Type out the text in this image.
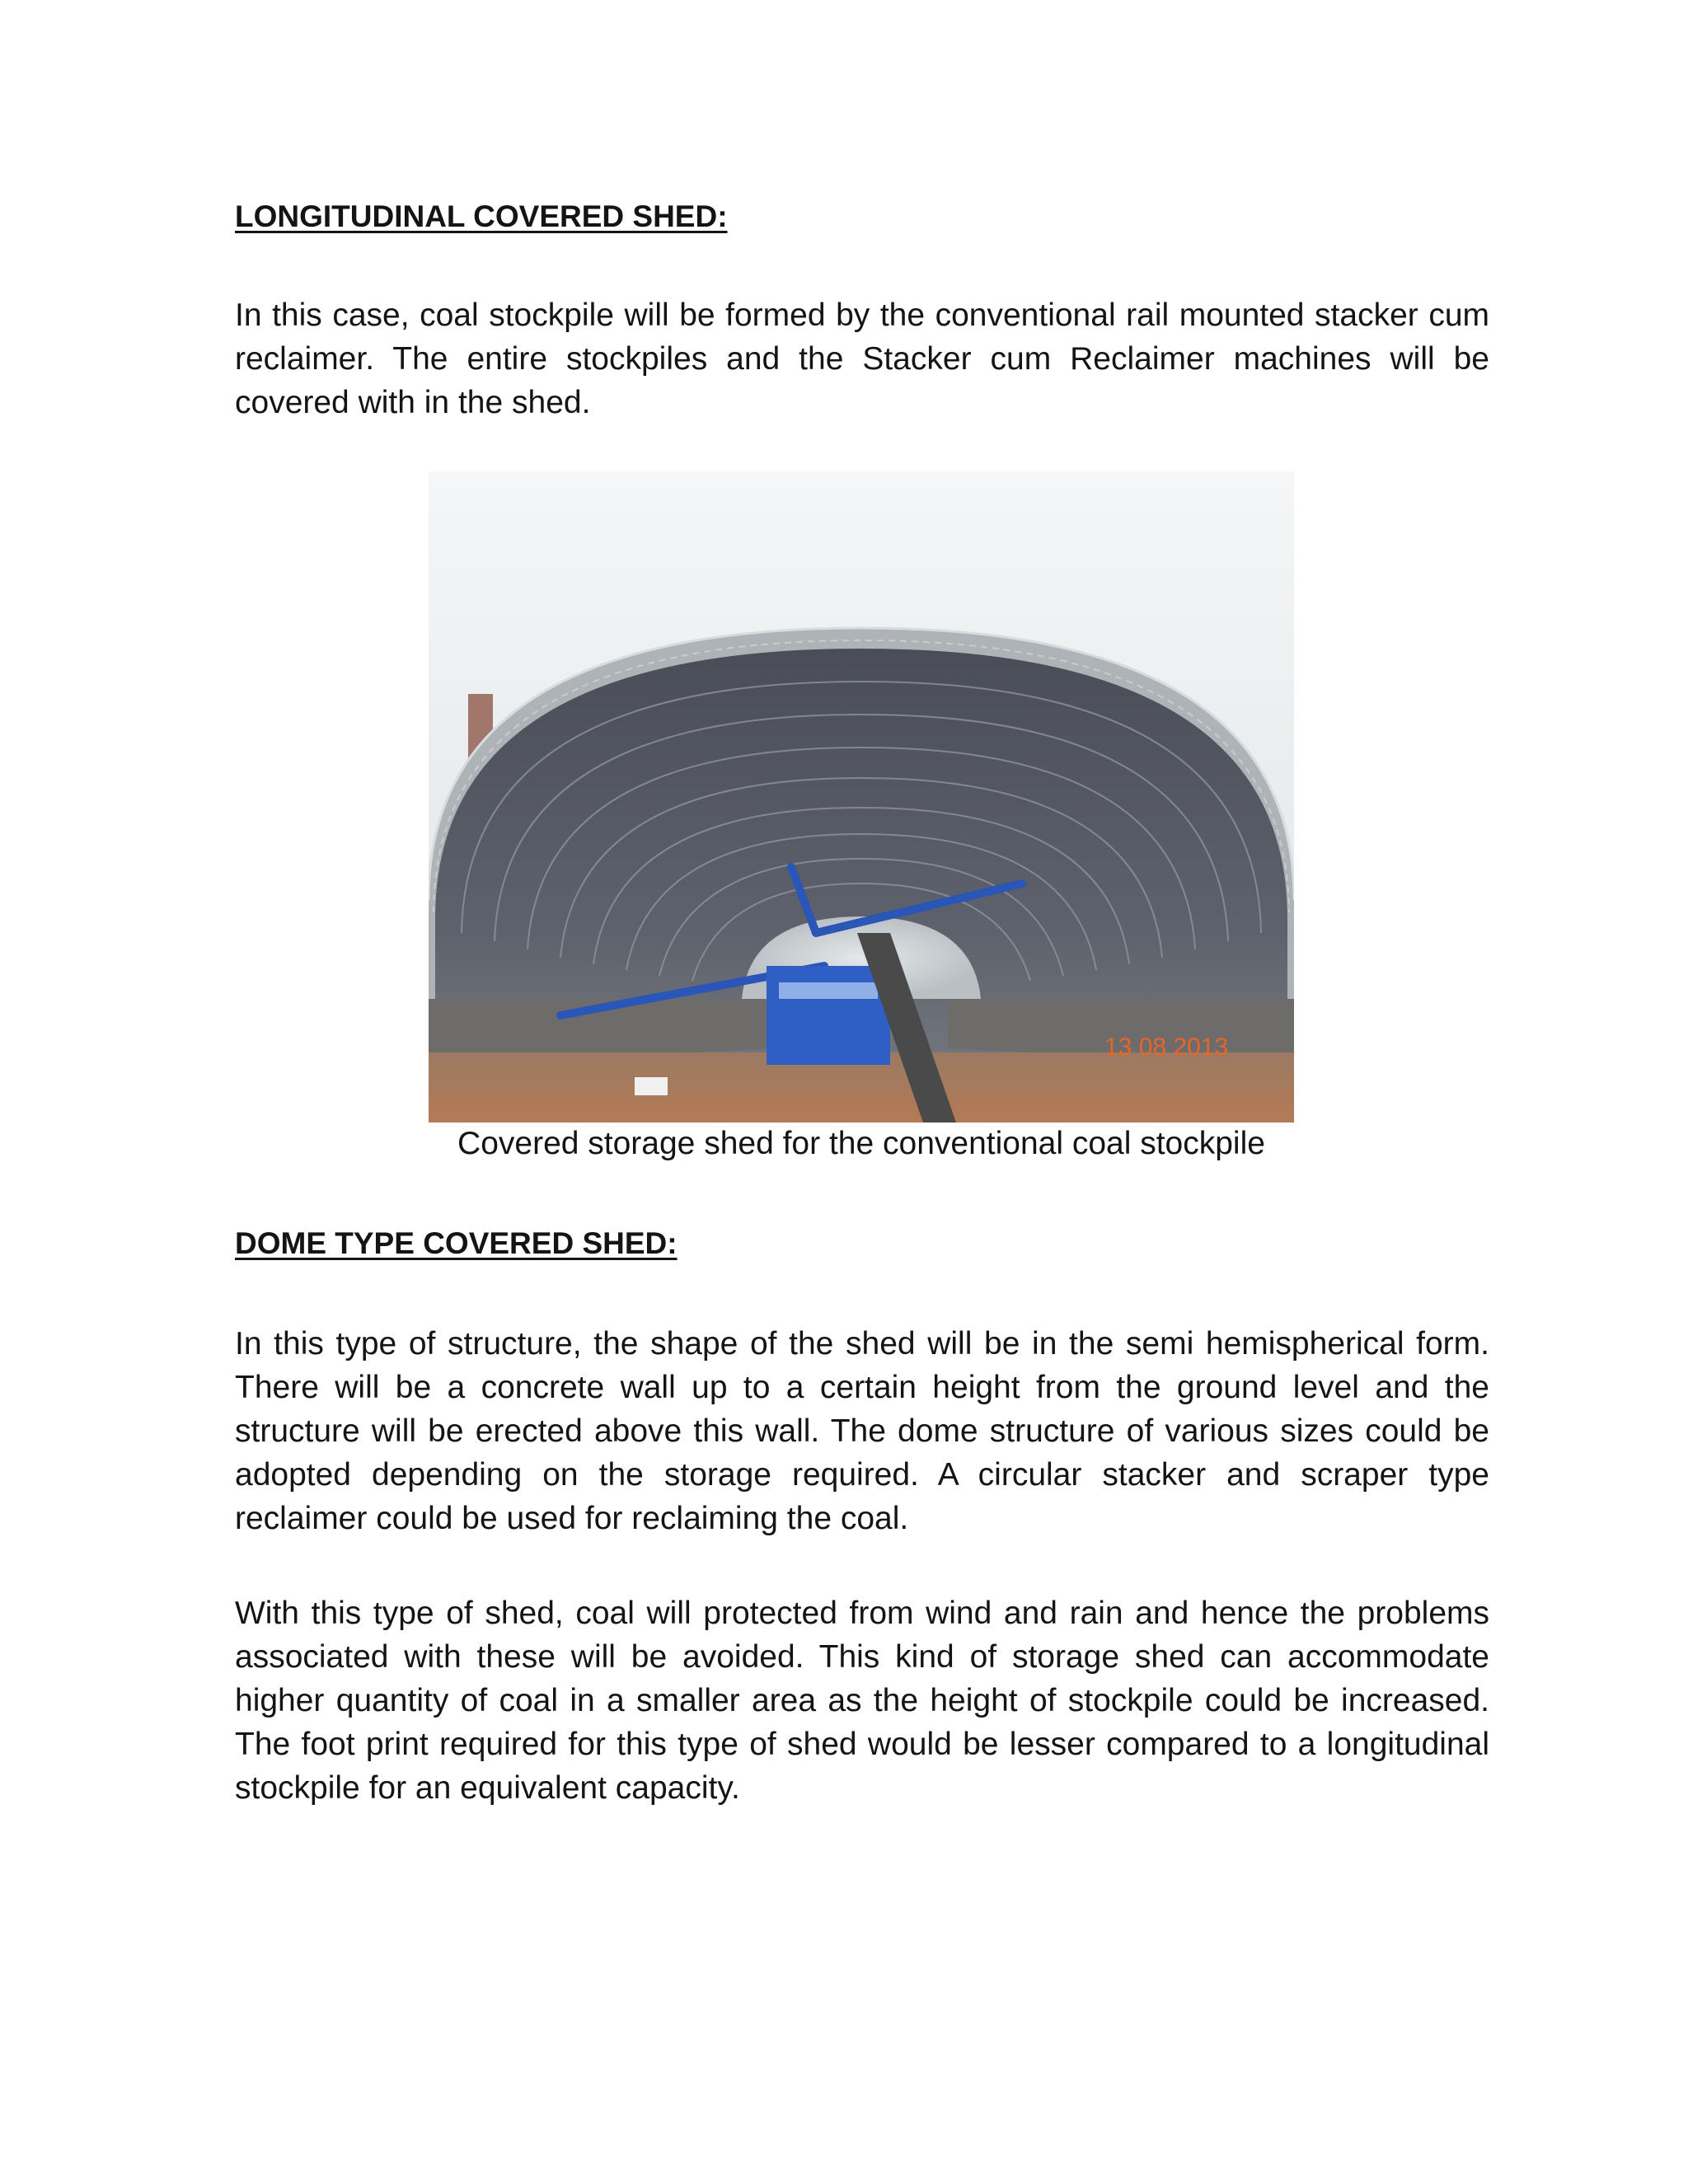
LONGITUDINAL COVERED SHED:

In this case, coal stockpile will be formed by the conventional rail mounted stacker cum reclaimer. The entire stockpiles and the Stacker cum Reclaimer machines will be covered with in the shed.

13 08 2013

Covered storage shed for the conventional coal stockpile

DOME TYPE COVERED SHED:

In this type of structure, the shape of the shed will be in the semi hemispherical form. There will be a concrete wall up to a certain height from the ground level and the structure will be erected above this wall. The dome structure of various sizes could be adopted depending on the storage required. A circular stacker and scraper type reclaimer could be used for reclaiming the coal.

With this type of shed, coal will protected from wind and rain and hence the problems associated with these will be avoided. This kind of storage shed can accommodate higher quantity of coal in a smaller area as the height of stockpile could be increased. The foot print required for this type of shed would be lesser compared to a longitudinal stockpile for an equivalent capacity.
